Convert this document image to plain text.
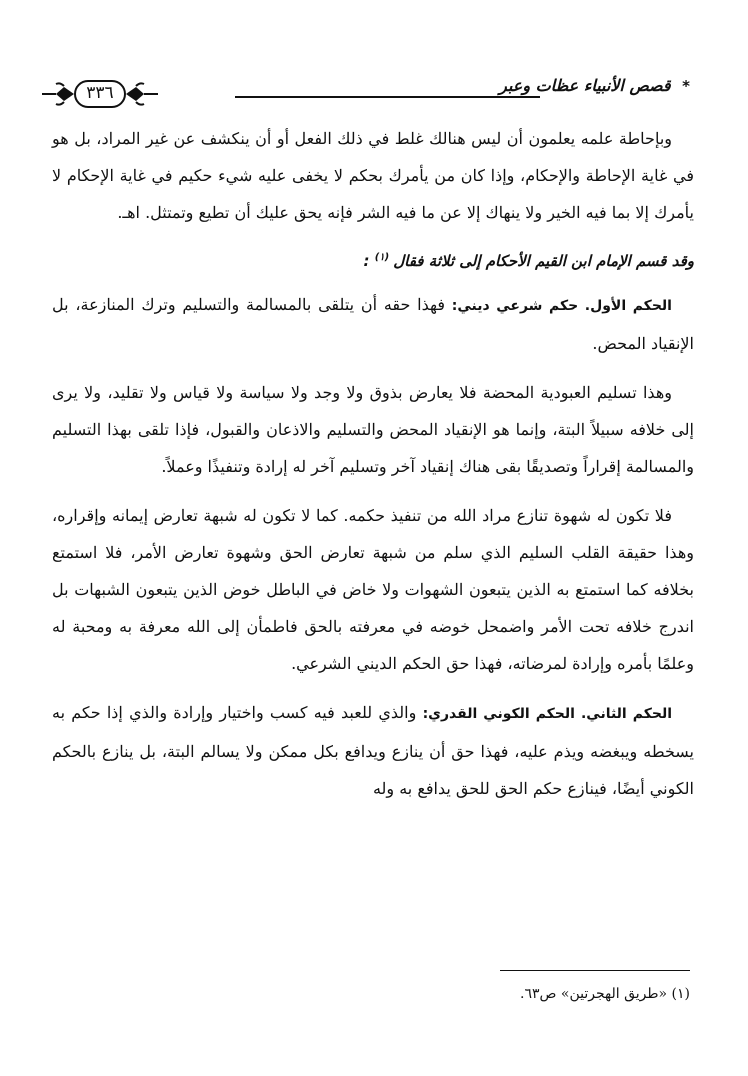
* قصص الأنبياء عظات وعبر
٣٣٦

وبإحاطة علمه يعلمون أن ليس هنالك غلط في ذلك الفعل أو أن ينكشف عن غير المراد، بل هو في غاية الإحاطة والإحكام، وإذا كان من يأمرك بحكم لا يخفى عليه شيء حكيم في غاية الإحكام لا يأمرك إلا بما فيه الخير ولا ينهاك إلا عن ما فيه الشر فإنه يحق عليك أن تطيع وتمتثل. اهـ.

وقد قسم الإمام ابن القيم الأحكام إلى ثلاثة فقال$^{(١)}$ :

الحكم الأول. حكم شرعي ديني: فهذا حقه أن يتلقى بالمسالمة والتسليم وترك المنازعة، بل الإنقياد المحض.

وهذا تسليم العبودية المحضة فلا يعارض بذوق ولا وجد ولا سياسة ولا قياس ولا تقليد، ولا يرى إلى خلافه سبيلاً البتة، وإنما هو الإنقياد المحض والتسليم والاذعان والقبول، فإذا تلقى بهذا التسليم والمسالمة إقراراً وتصديقًا بقى هناك إنقياد آخر وتسليم آخر له إرادة وتنفيذًا وعملاً.

فلا تكون له شهوة تنازع مراد الله من تنفيذ حكمه. كما لا تكون له شبهة تعارض إيمانه وإقراره، وهذا حقيقة القلب السليم الذي سلم من شبهة تعارض الحق وشهوة تعارض الأمر، فلا استمتع بخلافه كما استمتع به الذين يتبعون الشهوات ولا خاض في الباطل خوض الذين يتبعون الشبهات بل اندرج خلافه تحت الأمر واضمحل خوضه في معرفته بالحق فاطمأن إلى الله معرفة به ومحبة له وعلمًا بأمره وإرادة لمرضاته، فهذا حق الحكم الديني الشرعي.

الحكم الثاني. الحكم الكوني القدري: والذي للعبد فيه كسب واختيار وإرادة والذي إذا حكم به يسخطه ويبغضه ويذم عليه، فهذا حق أن ينازع ويدافع بكل ممكن ولا يسالم البتة، بل ينازع بالحكم الكوني أيضًا، فينازع حكم الحق للحق يدافع به وله

(١) «طريق الهجرتين» ص٦٣.
